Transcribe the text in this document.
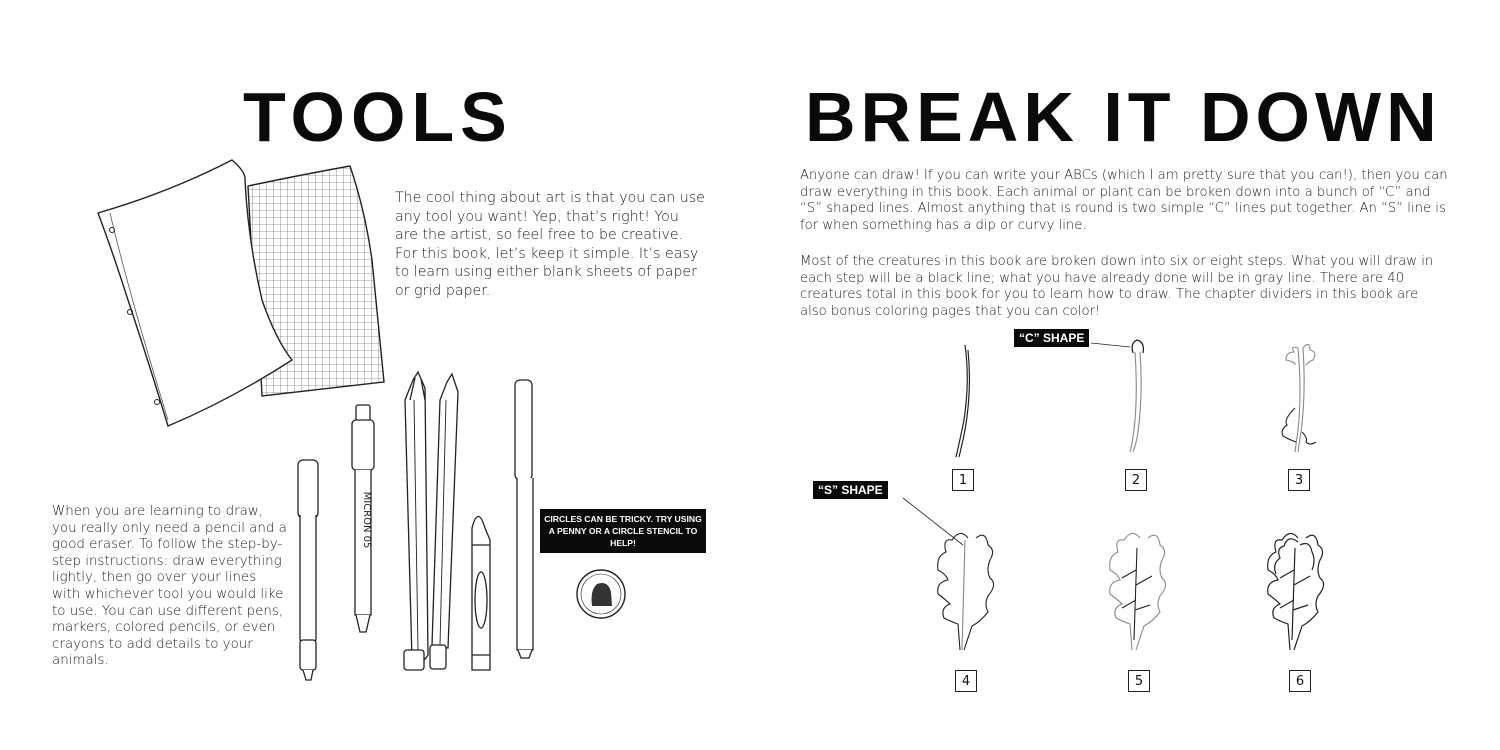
TOOLS
MICRON 05

The cool thing about art is that you can use any tool you want! Yep, that’s right! You are the artist, so feel free to be creative. For this book, let’s keep it simple. It’s easy to learn using either blank sheets of paper or grid paper.

When you are learning to draw, you really only need a pencil and a good eraser. To follow the step-by-step instructions: draw everything lightly, then go over your lines with whichever tool you would like to use. You can use different pens, markers, colored pencils, or even crayons to add details to your animals.

CIRCLES CAN BE TRICKY. TRY USING A PENNY OR A CIRCLE STENCIL TO HELP!
BREAK IT DOWN

Anyone can draw! If you can write your ABCs (which I am pretty sure that you can!), then you can draw everything in this book. Each animal or plant can be broken down into a bunch of “C” and “S” shaped lines. Almost anything that is round is two simple “C” lines put together. An “S” line is for when something has a dip or curvy line.

Most of the creatures in this book are broken down into six or eight steps. What you will draw in each step will be a black line; what you have already done will be in gray line. There are 40 creatures total in this book for you to learn how to draw. The chapter dividers in this book are also bonus coloring pages that you can color!

“C” SHAPE
“S” SHAPE
1	2	3
4	5	6
